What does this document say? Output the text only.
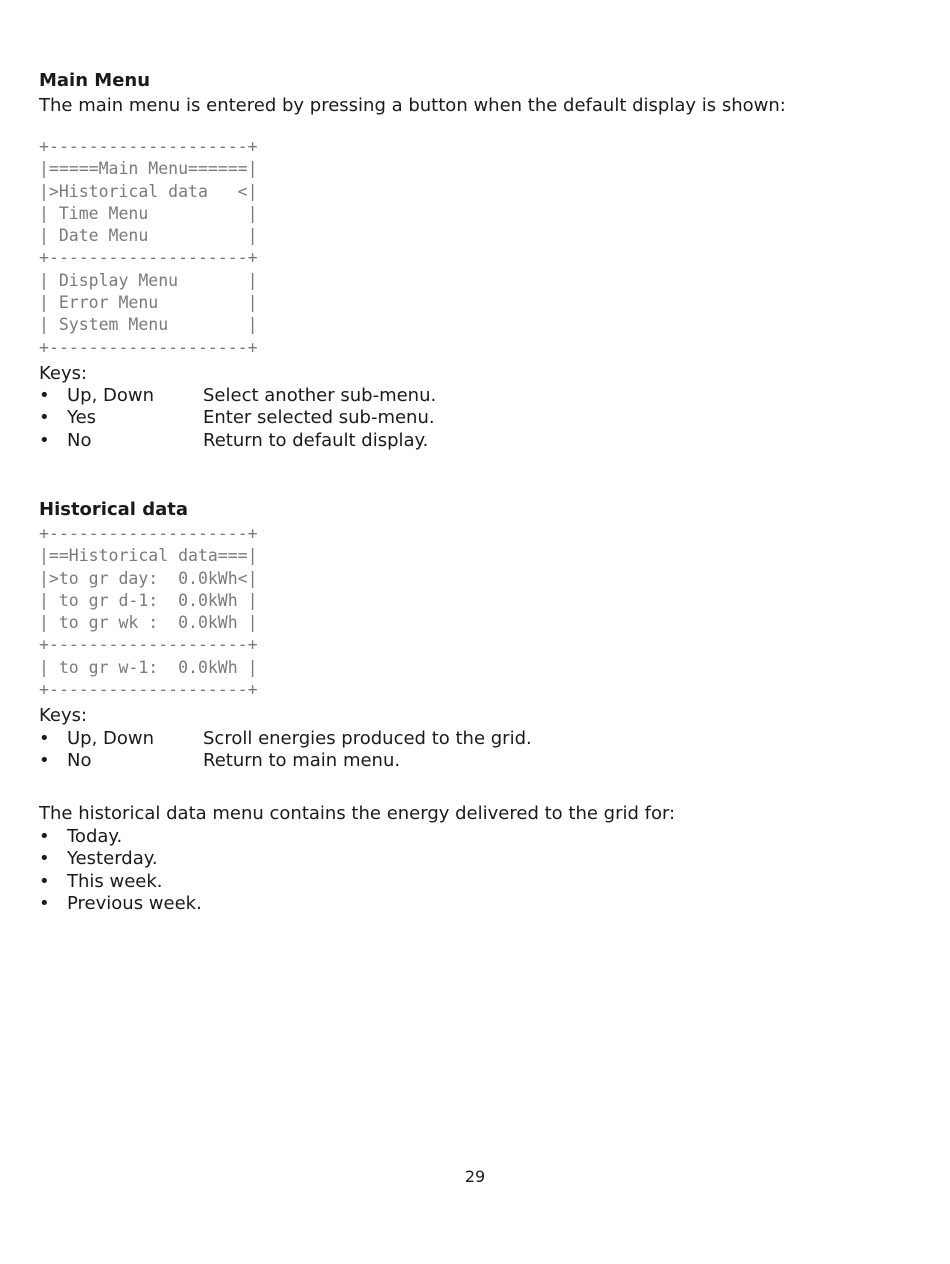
Main Menu
The main menu is entered by pressing a button when the default display is shown:
+--------------------+
|=====Main Menu======|
|>Historical data   <|
| Time Menu          |
| Date Menu          |
+--------------------+
| Display Menu       |
| Error Menu         |
| System Menu        |
+--------------------+
Keys:
• Up, Down	Select another sub-menu.
• Yes	Enter selected sub-menu.
• No	Return to default display.
Historical data
+--------------------+
|==Historical data===|
|>to gr day:  0.0kWh<|
| to gr d-1:  0.0kWh |
| to gr wk :  0.0kWh |
+--------------------+
| to gr w-1:  0.0kWh |
+--------------------+
Keys:
• Up, Down	Scroll energies produced to the grid.
• No	Return to main menu.
The historical data menu contains the energy delivered to the grid for:
• Today.
• Yesterday.
• This week.
• Previous week.
29
